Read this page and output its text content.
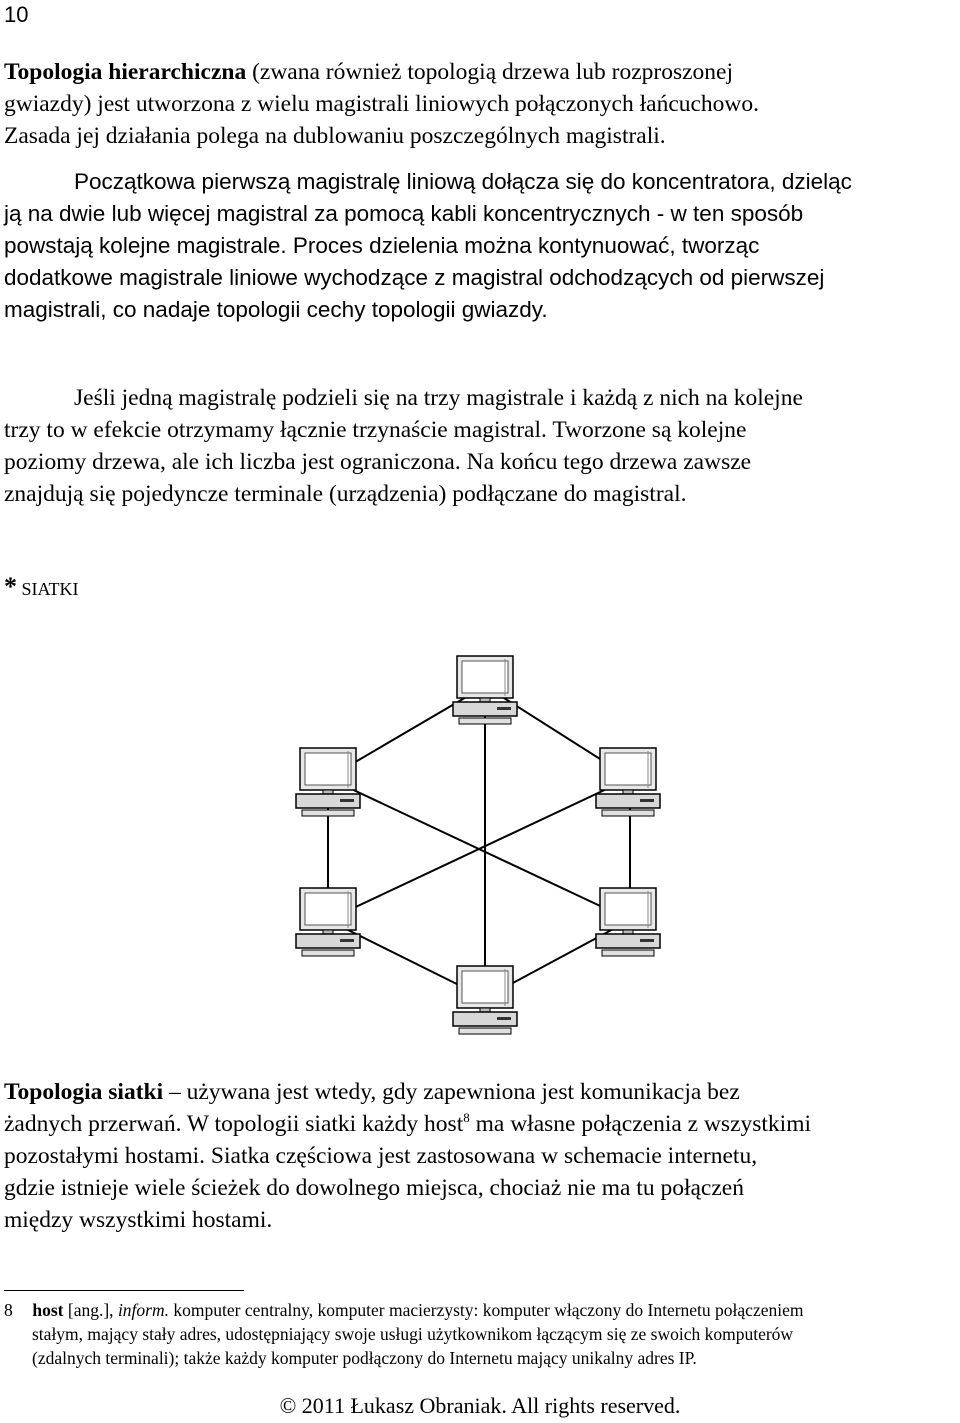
10
Topologia hierarchiczna (zwana również topologią drzewa lub rozproszonej
gwiazdy) jest utworzona z wielu magistrali liniowych połączonych łańcuchowo.
Zasada jej działania polega na dublowaniu poszczególnych magistrali.
Początkowa pierwszą magistralę liniową dołącza się do koncentratora, dzieląc
ją na dwie lub więcej magistral za pomocą kabli koncentrycznych - w ten sposób
powstają kolejne magistrale. Proces dzielenia można kontynuować, tworząc
dodatkowe magistrale liniowe wychodzące z magistral odchodzących od pierwszej
magistrali, co nadaje topologii cechy topologii gwiazdy.
Jeśli jedną magistralę podzieli się na trzy magistrale i każdą z nich na kolejne
trzy to w efekcie otrzymamy łącznie trzynaście magistral. Tworzone są kolejne
poziomy drzewa, ale ich liczba jest ograniczona. Na końcu tego drzewa zawsze
znajdują się pojedyncze terminale (urządzenia) podłączane do magistral.
* SIATKI
Topologia siatki – używana jest wtedy, gdy zapewniona jest komunikacja bez
żadnych przerwań. W topologii siatki każdy host$^8$ ma własne połączenia z wszystkimi
pozostałymi hostami. Siatka częściowa jest zastosowana w schemacie internetu,
gdzie istnieje wiele ścieżek do dowolnego miejsca, chociaż nie ma tu połączeń
między wszystkimi hostami.
8 host [ang.], inform. komputer centralny, komputer macierzysty: komputer włączony do Internetu połączeniem
stałym, mający stały adres, udostępniający swoje usługi użytkownikom łączącym się ze swoich komputerów
(zdalnych terminali); także każdy komputer podłączony do Internetu mający unikalny adres IP.
© 2011 Łukasz Obraniak. All rights reserved.
